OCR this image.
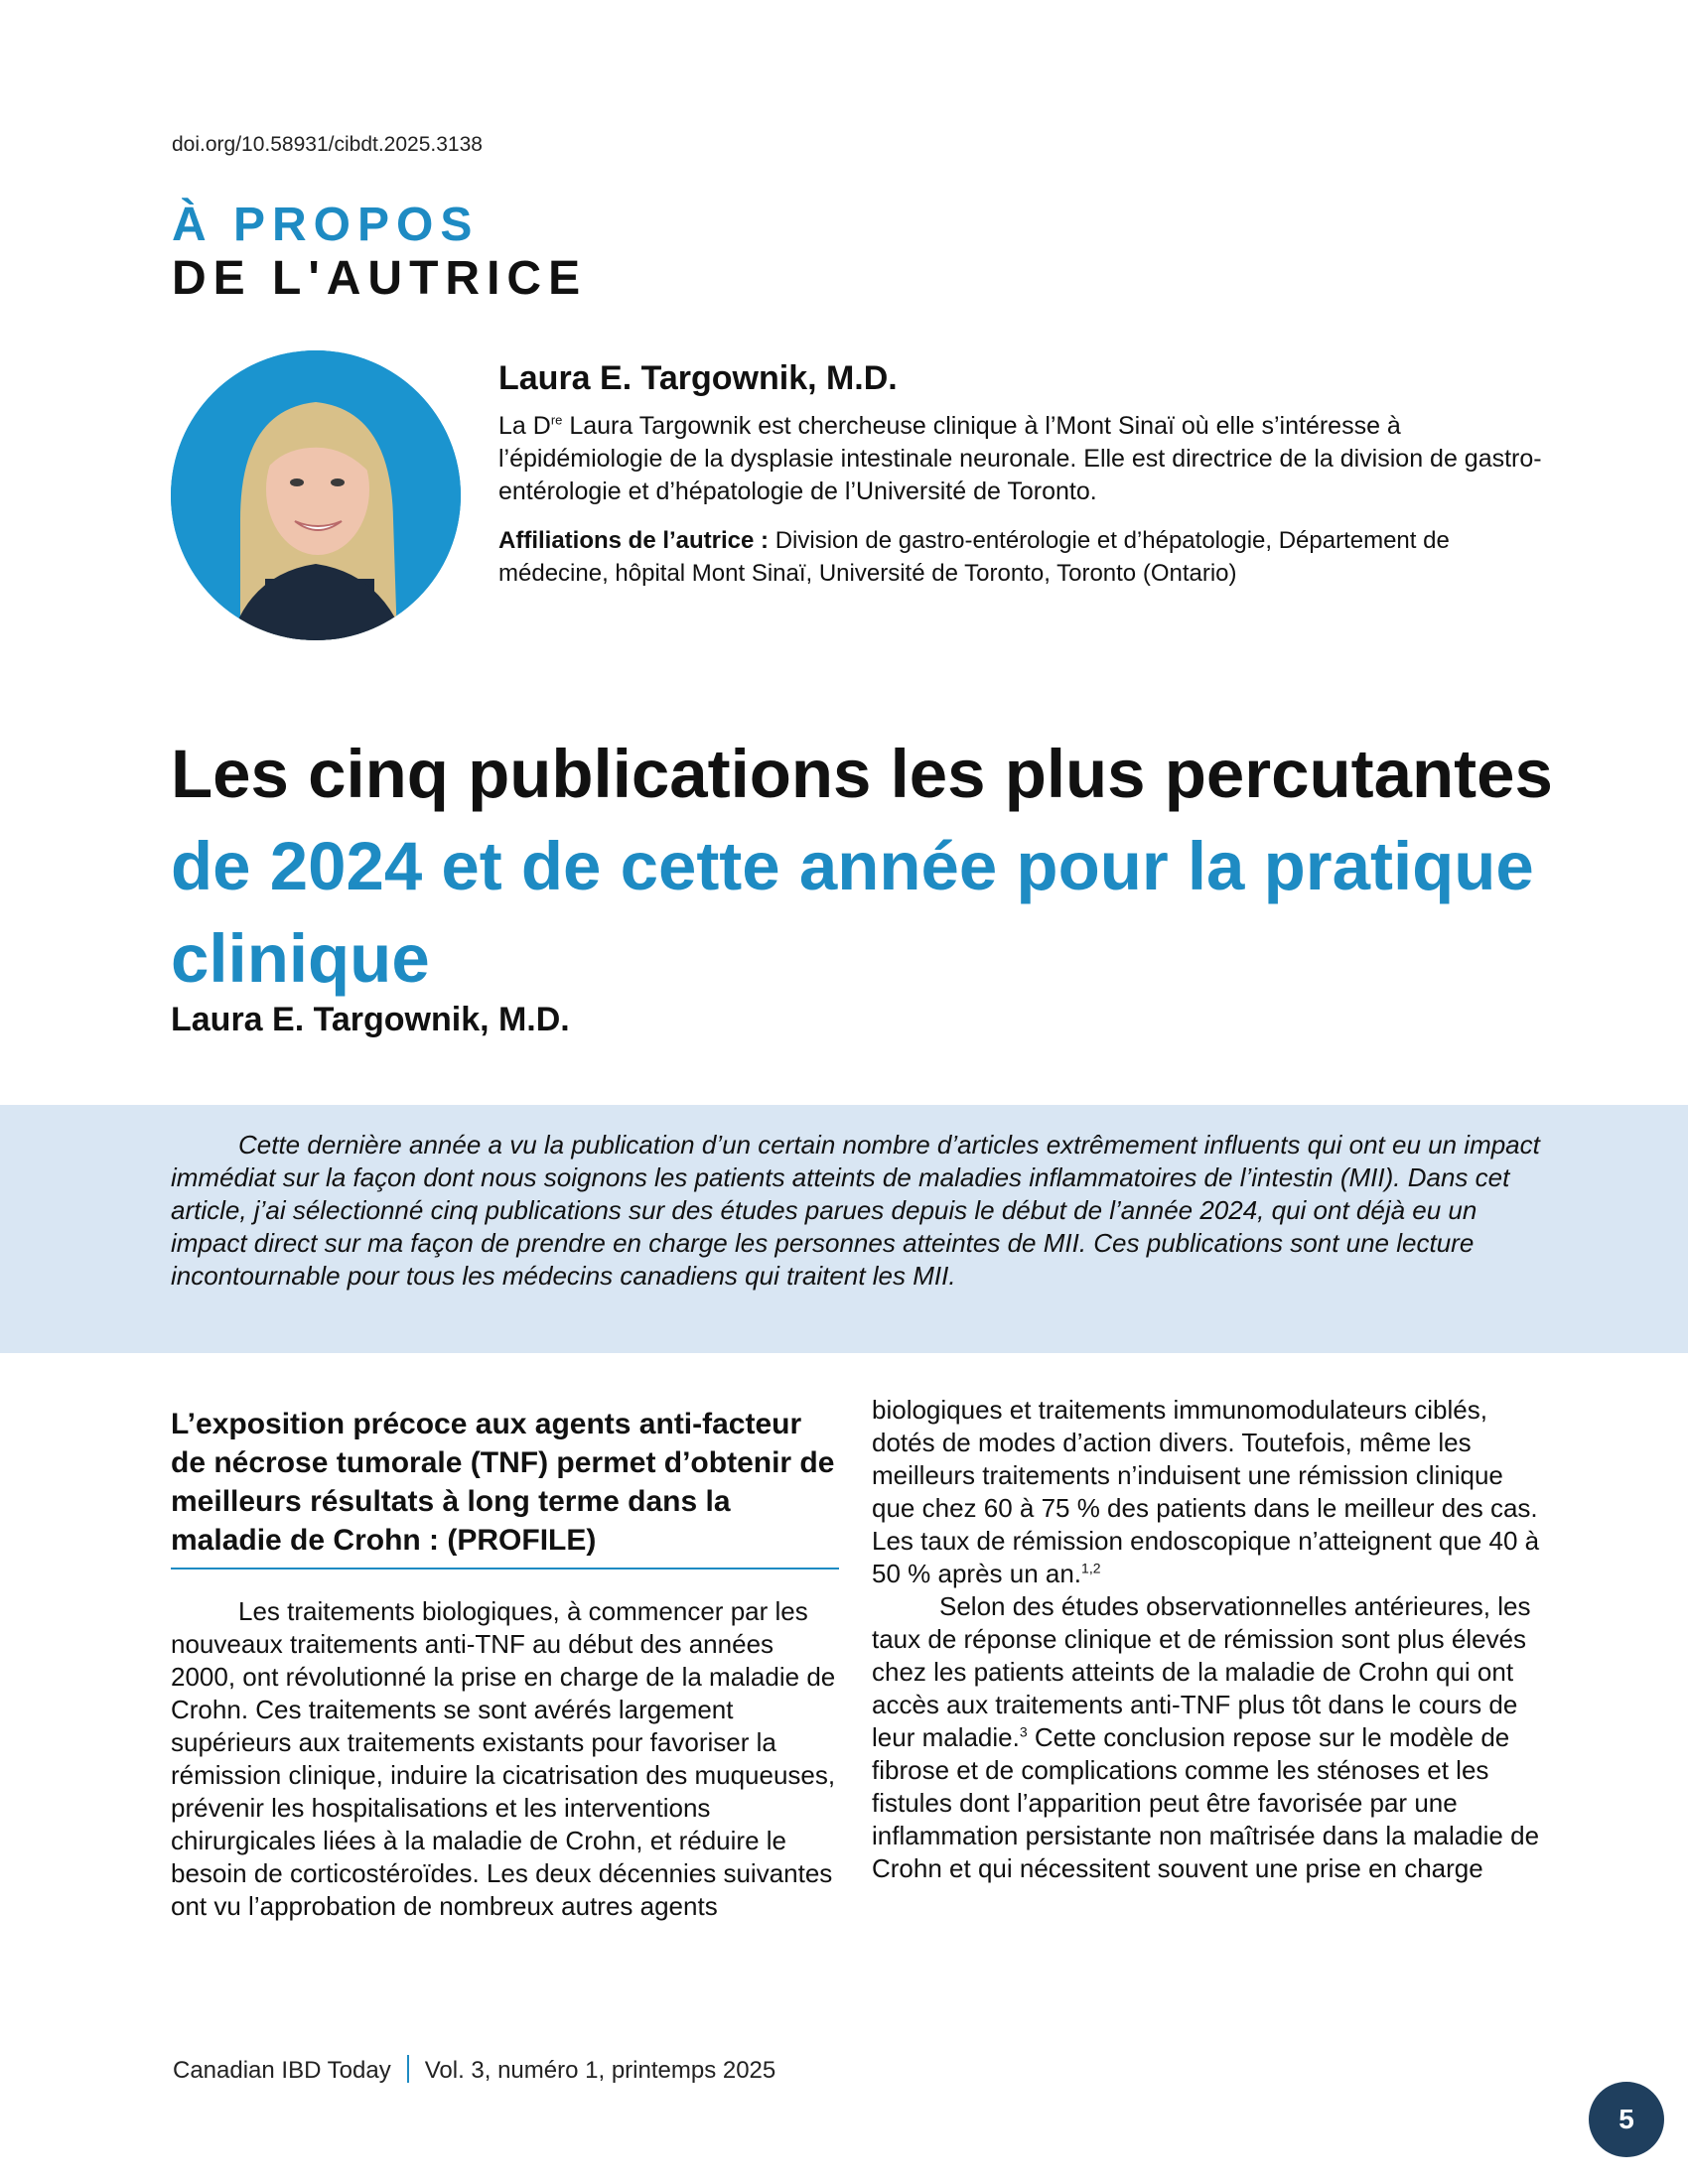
doi.org/10.58931/cibdt.2025.3138
À PROPOS
DE L'AUTRICE

Laura E. Targownik, M.D.

La Dre Laura Targownik est chercheuse clinique à l’Mont Sinaï où elle s’intéresse à l’épidémiologie de la dysplasie intestinale neuronale. Elle est directrice de la division de gastro-entérologie et d’hépatologie de l’Université de Toronto.

Affiliations de l’autrice : Division de gastro-entérologie et d’hépatologie, Département de médecine, hôpital Mont Sinaï, Université de Toronto, Toronto (Ontario)

Les cinq publications les plus percutantes de 2024 et de cette année pour la pratique clinique

Laura E. Targownik, M.D.

Cette dernière année a vu la publication d’un certain nombre d’articles extrêmement influents qui ont eu un impact immédiat sur la façon dont nous soignons les patients atteints de maladies inflammatoires de l’intestin (MII). Dans cet article, j’ai sélectionné cinq publications sur des études parues depuis le début de l’année 2024, qui ont déjà eu un impact direct sur ma façon de prendre en charge les personnes atteintes de MII. Ces publications sont une lecture incontournable pour tous les médecins canadiens qui traitent les MII.

L’exposition précoce aux agents anti-facteur de nécrose tumorale (TNF) permet d’obtenir de meilleurs résultats à long terme dans la maladie de Crohn : (PROFILE)

Les traitements biologiques, à commencer par les nouveaux traitements anti-TNF au début des années 2000, ont révolutionné la prise en charge de la maladie de Crohn. Ces traitements se sont avérés largement supérieurs aux traitements existants pour favoriser la rémission clinique, induire la cicatrisation des muqueuses, prévenir les hospitalisations et les interventions chirurgicales liées à la maladie de Crohn, et réduire le besoin de corticostéroïdes. Les deux décennies suivantes ont vu l’approbation de nombreux autres agents

biologiques et traitements immunomodulateurs ciblés, dotés de modes d’action divers. Toutefois, même les meilleurs traitements n’induisent une rémission clinique que chez 60 à 75 % des patients dans le meilleur des cas. Les taux de rémission endoscopique n’atteignent que 40 à 50 % après un an.$^{1,2}$

Selon des études observationnelles antérieures, les taux de réponse clinique et de rémission sont plus élevés chez les patients atteints de la maladie de Crohn qui ont accès aux traitements anti-TNF plus tôt dans le cours de leur maladie.$^3$ Cette conclusion repose sur le modèle de fibrose et de complications comme les sténoses et les fistules dont l’apparition peut être favorisée par une inflammation persistante non maîtrisée dans la maladie de Crohn et qui nécessitent souvent une prise en charge

Canadian IBD Today Vol. 3, numéro 1, printemps 2025
5
